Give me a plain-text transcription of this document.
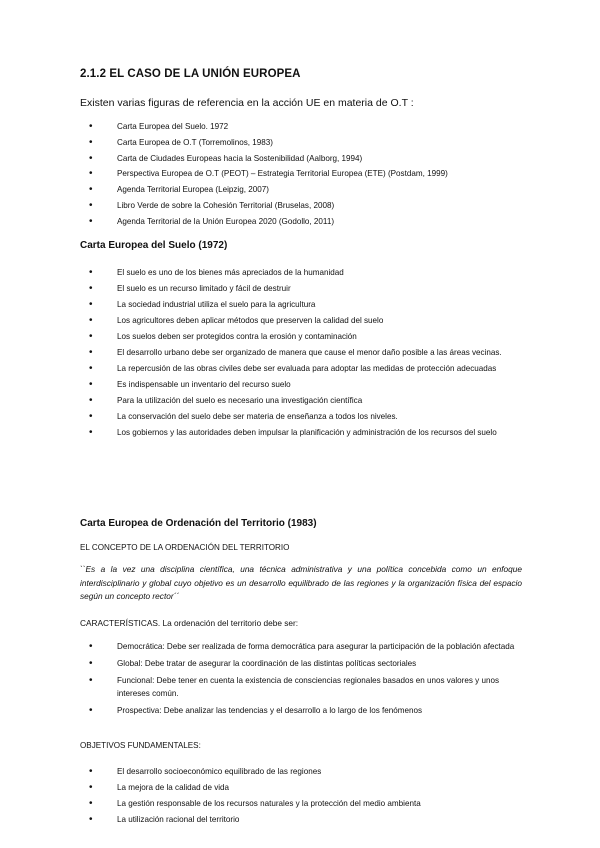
2.1.2 EL CASO DE LA UNIÓN EUROPEA
Existen varias figuras de referencia en la acción UE en materia de O.T :
• Carta Europea del Suelo. 1972
• Carta Europea de O.T (Torremolinos, 1983)
• Carta de Ciudades Europeas hacia la Sostenibilidad (Aalborg, 1994)
• Perspectiva Europea de O.T (PEOT) – Estrategia Territorial Europea (ETE) (Postdam, 1999)
• Agenda Territorial Europea (Leipzig, 2007)
• Libro Verde de sobre la Cohesión Territorial (Bruselas, 2008)
• Agenda Territorial de la Unión Europea 2020 (Godollo, 2011)
Carta Europea del Suelo (1972)
• El suelo es uno de los bienes más apreciados de la humanidad
• El suelo es un recurso limitado y fácil de destruir
• La sociedad industrial utiliza el suelo para la agricultura
• Los agricultores deben aplicar métodos que preserven la calidad del suelo
• Los suelos deben ser protegidos contra la erosión y contaminación
• El desarrollo urbano debe ser organizado de manera que cause el menor daño posible a las áreas vecinas.
• La repercusión de las obras civiles debe ser evaluada para adoptar las medidas de protección adecuadas
• Es indispensable un inventario del recurso suelo
• Para la utilización del suelo es necesario una investigación científica
• La conservación del suelo debe ser materia de enseñanza a todos los niveles.
• Los gobiernos y las autoridades deben impulsar la planificación y administración de los recursos del suelo
Carta Europea de Ordenación del Territorio (1983)
EL CONCEPTO DE LA ORDENACIÓN DEL TERRITORIO
``Es a la vez una disciplina científica, una técnica administrativa y una política concebida como un enfoque interdisciplinario y global cuyo objetivo es un desarrollo equilibrado de las regiones y la organización física del espacio según un concepto rector´´
CARACTERÍSTICAS. La ordenación del territorio debe ser:
• Democrática: Debe ser realizada de forma democrática para asegurar la participación de la población afectada
• Global: Debe tratar de asegurar la coordinación de las distintas políticas sectoriales
• Funcional: Debe tener en cuenta la existencia de consciencias regionales basados en unos valores y unos intereses común.
• Prospectiva: Debe analizar las tendencias y el desarrollo a lo largo de los fenómenos
OBJETIVOS FUNDAMENTALES:
• El desarrollo socioeconómico equilibrado de las regiones
• La mejora de la calidad de vida
• La gestión responsable de los recursos naturales y la protección del medio ambienta
• La utilización racional del territorio
